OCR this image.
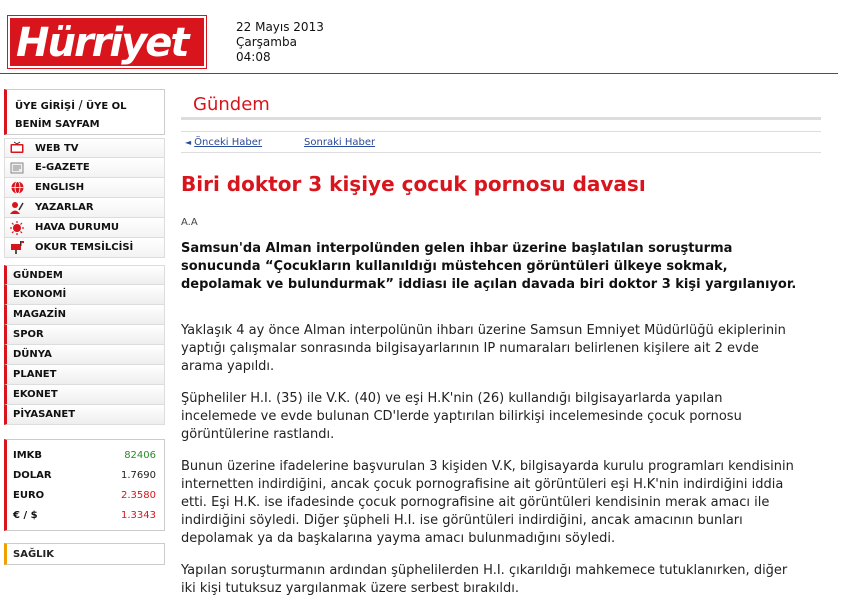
Hürriyet	22 Mayıs 2013
Çarşamba
04:08
ÜYE GİRİŞİ / ÜYE OL
BENİM SAYFAM
WEB TV
E-GAZETE
ENGLISH
YAZARLAR
HAVA DURUMU
OKUR TEMSİLCİSİ
GÜNDEM
EKONOMİ
MAGAZİN
SPOR
DÜNYA
PLANET
EKONET
PİYASANET
IMKB	82406
DOLAR	1.7690
EURO	2.3580
€ / $	1.3343
SAĞLIK
Gündem
◄ Önceki Haber	Sonraki Haber
Biri doktor 3 kişiye çocuk pornosu davası
A.A

Samsun'da Alman interpolünden gelen ihbar üzerine başlatılan soruşturma sonucunda “Çocukların kullanıldığı müstehcen görüntüleri ülkeye sokmak, depolamak ve bulundurmak” iddiası ile açılan davada biri doktor 3 kişi yargılanıyor.

Yaklaşık 4 ay önce Alman interpolünün ihbarı üzerine Samsun Emniyet Müdürlüğü ekiplerinin yaptığı çalışmalar sonrasında bilgisayarlarının IP numaraları belirlenen kişilere ait 2 evde arama yapıldı.

Şüpheliler H.I. (35) ile V.K. (40) ve eşi H.K'nin (26) kullandığı bilgisayarlarda yapılan incelemede ve evde bulunan CD'lerde yaptırılan bilirkişi incelemesinde çocuk pornosu görüntülerine rastlandı.

Bunun üzerine ifadelerine başvurulan 3 kişiden V.K, bilgisayarda kurulu programları kendisinin internetten indirdiğini, ancak çocuk pornografisine ait görüntüleri eşi H.K'nin indirdiğini iddia etti. Eşi H.K. ise ifadesinde çocuk pornografisine ait görüntüleri kendisinin merak amacı ile indirdiğini söyledi. Diğer şüpheli H.I. ise görüntüleri indirdiğini, ancak amacının bunları depolamak ya da başkalarına yayma amacı bulunmadığını söyledi.

Yapılan soruşturmanın ardından şüphelilerden H.I. çıkarıldığı mahkemece tutuklanırken, diğer iki kişi tutuksuz yargılanmak üzere serbest bırakıldı.
